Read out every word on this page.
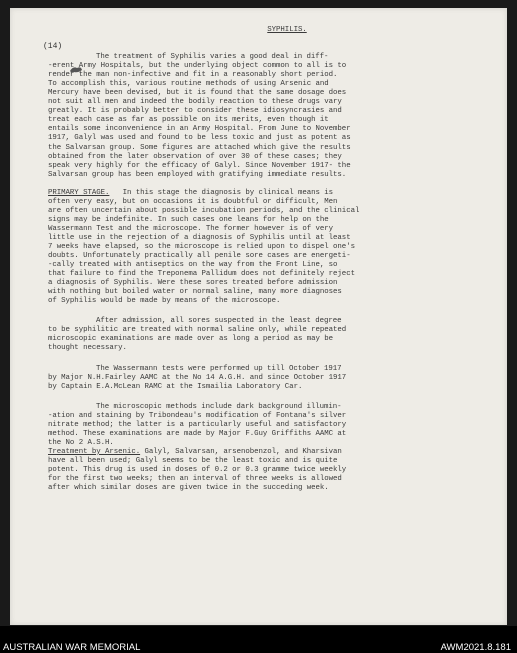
(14)

SYPHILIS.

The treatment of Syphilis varies a good deal in diff-

-erent Army Hospitals, but the underlying object common to all is to

render the man non-infective and fit in a reasonably short period.

To accomplish this, various routine methods of using Arsenic and

Mercury have been devised, but it is found that the same dosage does

not suit all men and indeed the bodily reaction to these drugs vary

greatly. It is probably better to consider these idiosyncrasies and

treat each case as far as possible on its merits, even though it

entails some inconvenience in an Army Hospital. From June to November

1917, Galyl was used and found to be less toxic and just as potent as

the Salvarsan group. Some figures are attached which give the results

obtained from the later observation of over 30 of these cases; they

speak very highly for the efficacy of Galyl. Since November 1917- the

Salvarsan group has been employed with gratifying immediate results.

PRIMARY STAGE. In this stage the diagnosis by clinical means is

often very easy, but on occasions it is doubtful or difficult, Men

are often uncertain about possible incubation periods, and the clinical

signs may be indefinite. In such cases one leans for help on the

Wassermann Test and the microscope. The former however is of very

little use in the rejection of a diagnosis of Syphilis until at least

7 weeks have elapsed, so the microscope is relied upon to dispel one's

doubts. Unfortunately practically all penile sore cases are energeti-

-cally treated with antiseptics on the way from the Front Line, so

that failure to find the Treponema Pallidum does not definitely reject

a diagnosis of Syphilis. Were these sores treated before admission

with nothing but boiled water or normal saline, many more diagnoses

of Syphilis would be made by means of the microscope.

After admission, all sores suspected in the least degree

to be syphilitic are treated with normal saline only, while repeated

microscopic examinations are made over as long a period as may be

thought necessary.

The Wassermann tests were performed up till October 1917

by Major N.H.Fairley AAMC at the No 14 A.G.H. and since October 1917

by Captain E.A.McLean RAMC at the Ismailia Laboratory Car.

The microscopic methods include dark background illumin-

-ation and staining by Tribondeau's modification of Fontana's silver

nitrate method; the latter is a particularly useful and satisfactory

method. These examinations are made by Major F.Guy Griffiths AAMC at

the No 2 A.S.H.

Treatment by Arsenic. Galyl, Salvarsan, arsenobenzol, and Kharsivan

have all been used; Galyl seems to be the least toxic and is quite

potent. This drug is used in doses of 0.2 or 0.3 gramme twice weekly

for the first two weeks; then an interval of three weeks is allowed

after which similar doses are given twice in the succeding week.

AUSTRALIAN WAR MEMORIAL	AWM2021.8.181
